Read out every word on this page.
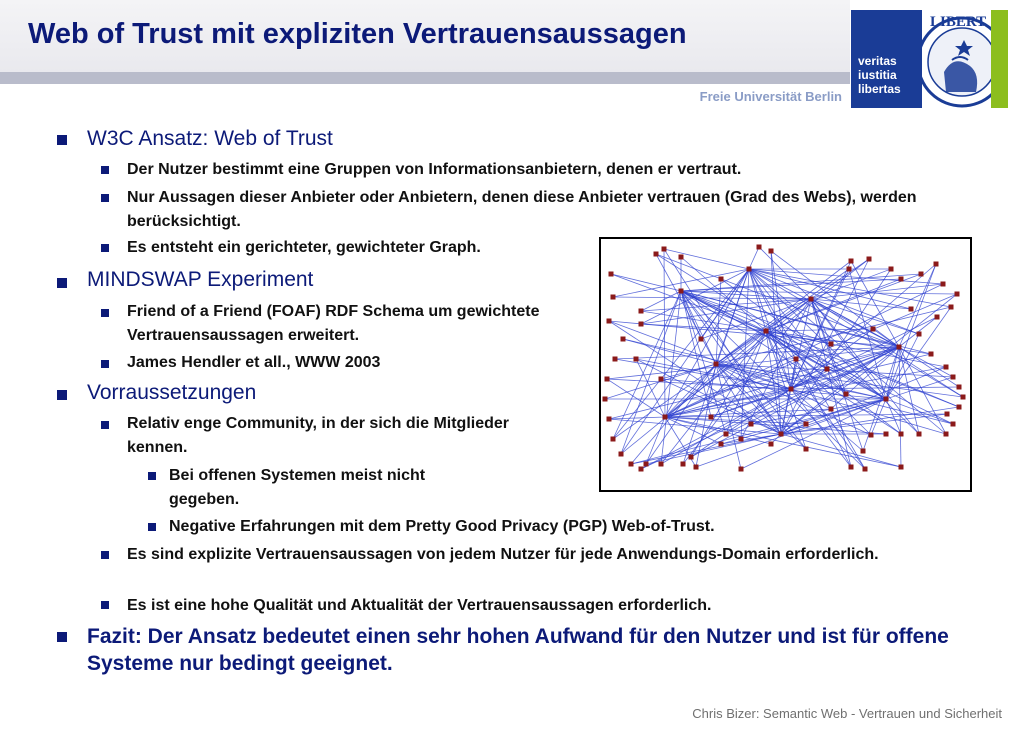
Web of Trust mit expliziten Vertrauensaussagen
Freie Universität Berlin
veritas
iustitia
libertas
LIBERT
W3C Ansatz: Web of Trust
Der Nutzer bestimmt eine Gruppen von Informationsanbietern, denen er vertraut.
Nur Aussagen dieser Anbieter oder Anbietern, denen diese Anbieter vertrauen (Grad des Webs), werden berücksichtigt.
Es entsteht ein gerichteter, gewichteter Graph.
MINDSWAP Experiment
Friend of a Friend (FOAF) RDF Schema um gewichtete Vertrauensaussagen erweitert.
James Hendler et all., WWW 2003
Vorraussetzungen
Relativ enge Community, in der sich die Mitglieder kennen.
Bei offenen Systemen meist nicht gegeben.
Negative Erfahrungen mit dem Pretty Good Privacy (PGP) Web-of-Trust.
Es sind explizite Vertrauensaussagen von jedem Nutzer für jede Anwendungs-Domain erforderlich.
Es ist eine hohe Qualität und Aktualität der Vertrauensaussagen erforderlich.
Fazit: Der Ansatz bedeutet einen sehr hohen Aufwand für den Nutzer und ist für offene Systeme nur bedingt geeignet.
Chris Bizer: Semantic Web - Vertrauen und Sicherheit
